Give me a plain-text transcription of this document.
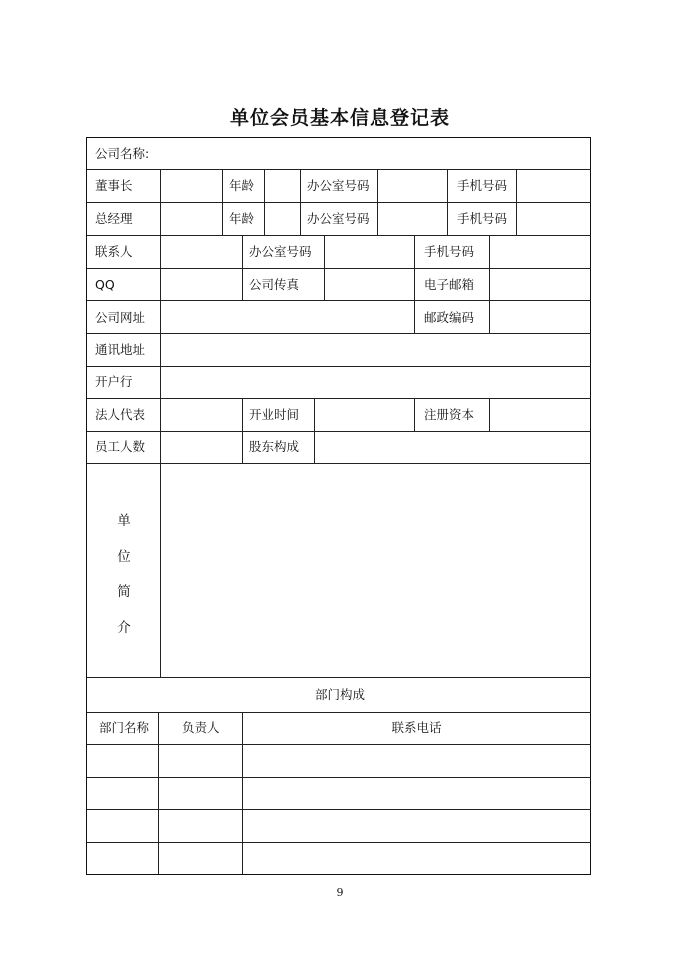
单位会员基本信息登记表
公司名称:
董事长	年龄	办公室号码	手机号码
总经理	年龄	办公室号码	手机号码
联系人	办公室号码	手机号码
QQ	公司传真	电子邮箱
公司网址	邮政编码
通讯地址
开户行
法人代表	开业时间	注册资本
员工人数	股东构成
单
位
简
介
部门构成
部门名称	负责人	联系电话
9
